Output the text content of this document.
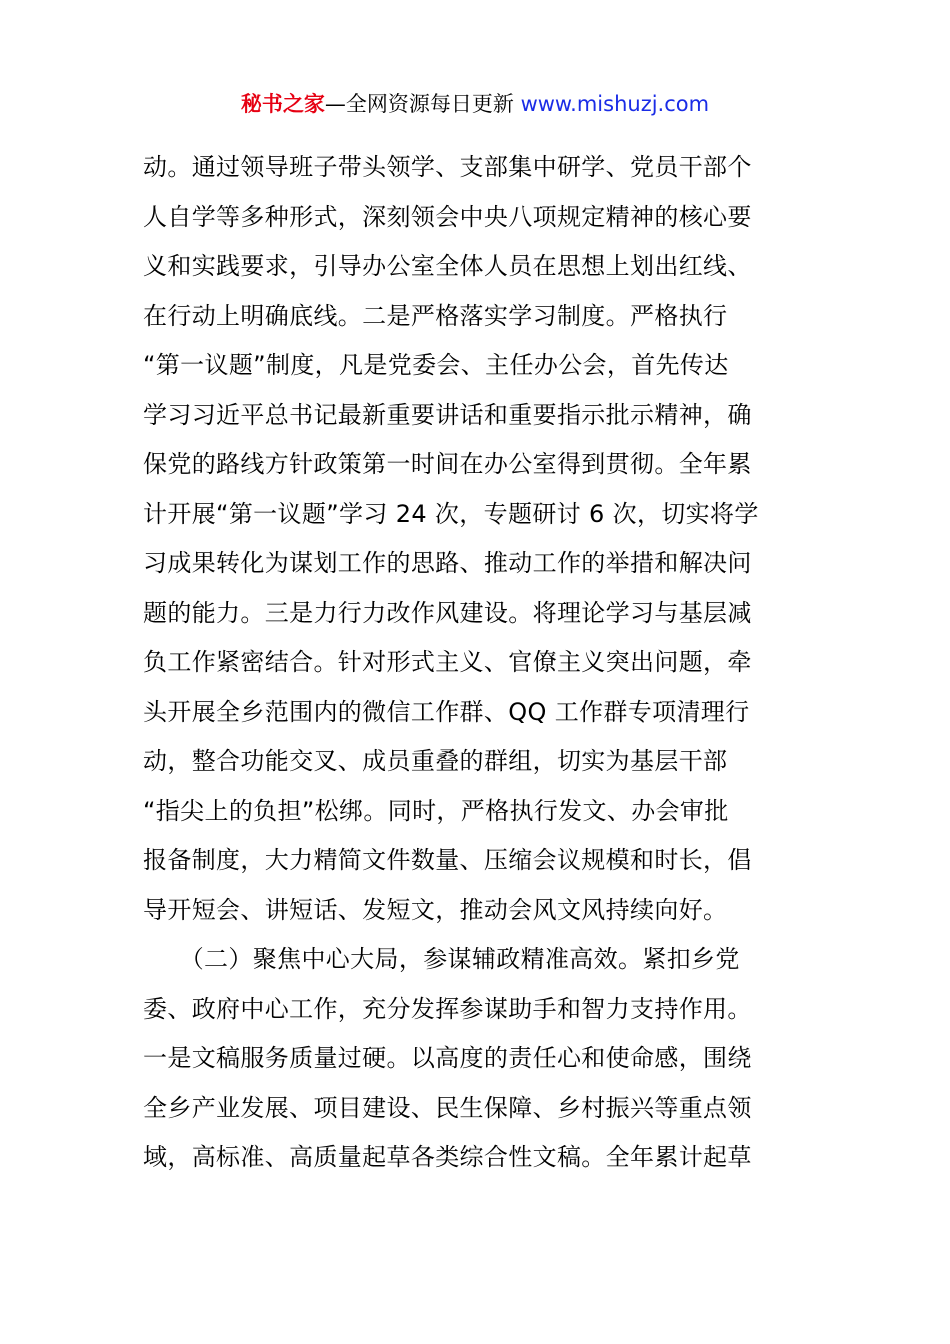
秘书之家—全网资源每日更新 www.mishuzj.com
动。通过领导班子带头领学、支部集中研学、党员干部个
人自学等多种形式，深刻领会中央八项规定精神的核心要
义和实践要求，引导办公室全体人员在思想上划出红线、
在行动上明确底线。二是严格落实学习制度。严格执行
“第一议题”制度，凡是党委会、主任办公会，首先传达
学习习近平总书记最新重要讲话和重要指示批示精神，确
保党的路线方针政策第一时间在办公室得到贯彻。全年累
计开展“第一议题”学习 24 次，专题研讨 6 次，切实将学
习成果转化为谋划工作的思路、推动工作的举措和解决问
题的能力。三是力行力改作风建设。将理论学习与基层减
负工作紧密结合。针对形式主义、官僚主义突出问题，牵
头开展全乡范围内的微信工作群、QQ 工作群专项清理行
动，整合功能交叉、成员重叠的群组，切实为基层干部
“指尖上的负担”松绑。同时，严格执行发文、办会审批
报备制度，大力精简文件数量、压缩会议规模和时长，倡
导开短会、讲短话、发短文，推动会风文风持续向好。
　　（二）聚焦中心大局，参谋辅政精准高效。紧扣乡党
委、政府中心工作，充分发挥参谋助手和智力支持作用。
一是文稿服务质量过硬。以高度的责任心和使命感，围绕
全乡产业发展、项目建设、民生保障、乡村振兴等重点领
域，高标准、高质量起草各类综合性文稿。全年累计起草
